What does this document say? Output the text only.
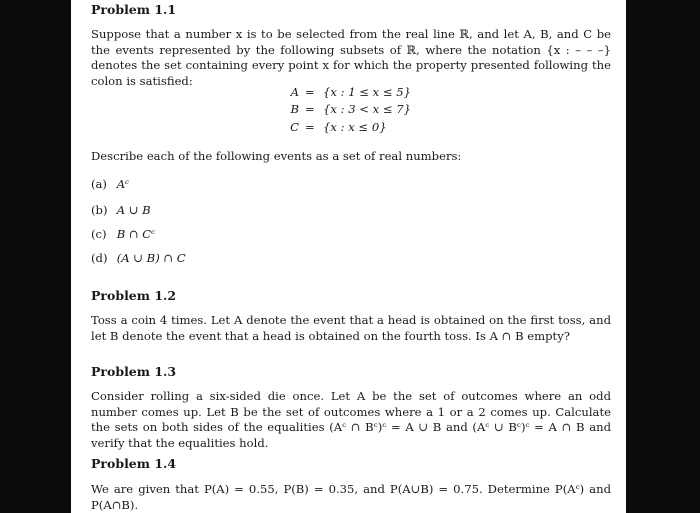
Problem 1.1
Suppose that a number x is to be selected from the real line ℝ, and let A, B, and C be the events represented by the following subsets of ℝ, where the notation {x : – – –} denotes the set containing every point x for which the property presented following the colon is satisfied:
A = {x : 1 ≤ x ≤ 5}
B = {x : 3 < x ≤ 7}
C = {x : x ≤ 0}
Describe each of the following events as a set of real numbers:
(a) Aᶜ
(b) A ∪ B
(c) B ∩ Cᶜ
(d) (A ∪ B) ∩ C
Problem 1.2
Toss a coin 4 times. Let A denote the event that a head is obtained on the first toss, and let B denote the event that a head is obtained on the fourth toss. Is A ∩ B empty?
Problem 1.3
Consider rolling a six-sided die once. Let A be the set of outcomes where an odd number comes up. Let B be the set of outcomes where a 1 or a 2 comes up. Calculate the sets on both sides of the equalities (Aᶜ ∩ Bᶜ)ᶜ = A ∪ B and (Aᶜ ∪ Bᶜ)ᶜ = A ∩ B and verify that the equalities hold.
Problem 1.4
We are given that P(A) = 0.55, P(B) = 0.35, and P(A∪B) = 0.75. Determine P(Aᶜ) and P(A∩B).
